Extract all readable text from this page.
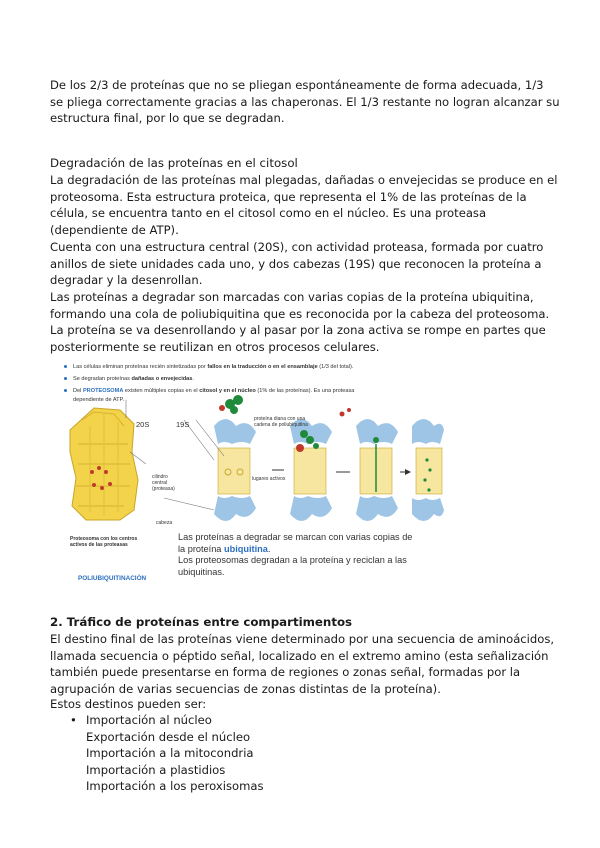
De los 2/3 de proteínas que no se pliegan espontáneamente de forma adecuada, 1/3 se pliega correctamente gracias a las chaperonas. El 1/3 restante no logran alcanzar su estructura final, por lo que se degradan.

Degradación de las proteínas en el citosol

La degradación de las proteínas mal plegadas, dañadas o envejecidas se produce en el proteosoma. Esta estructura proteica, que representa el 1% de las proteínas de la célula, se encuentra tanto en el citosol como en el núcleo. Es una proteasa (dependiente de ATP).

Cuenta con una estructura central (20S), con actividad proteasa, formada por cuatro anillos de siete unidades cada uno, y dos cabezas (19S) que reconocen la proteína a degradar y la desenrollan.

Las proteínas a degradar son marcadas con varias copias de la proteína ubiquitina, formando una cola de poliubiquitina que es reconocida por la cabeza del proteosoma.

La proteína se va desenrollando y al pasar por la zona activa se rompe en partes que posteriormente se reutilizan en otros procesos celulares.

Las células eliminan proteínas recién sintetizadas por fallos en la traducción o en el ensamblaje (1/3 del total).
Se degradan proteínas dañadas o envejecidas.
Del PROTEOSOMA existen múltiples copias en el citosol y en el núcleo (1% de las proteínas). Es una proteasa
dependiente de ATP.
20S	19S
proteína diana con una
cadena de poliubiquitina
cilindro
central
(proteasa)
lugares activos
cabeza
Proteosoma con los centros
activos de las proteasas
Las proteínas a degradar se marcan con varias copias de
la proteína ubiquitina.
Los proteosomas degradan a la proteína y reciclan a las ubiquitinas.
POLIUBIQUITINACIÓN

2. Tráfico de proteínas entre compartimentos

El destino final de las proteínas viene determinado por una secuencia de aminoácidos, llamada secuencia o péptido señal, localizado en el extremo amino (esta señalización también puede presentarse en forma de regiones o zonas señal, formadas por la agrupación de varias secuencias de zonas distintas de la proteína).

Estos destinos pueden ser:

• Importación al núcleo
Exportación desde el núcleo
Importación a la mitocondria
Importación a plastidios
Importación a los peroxisomas
